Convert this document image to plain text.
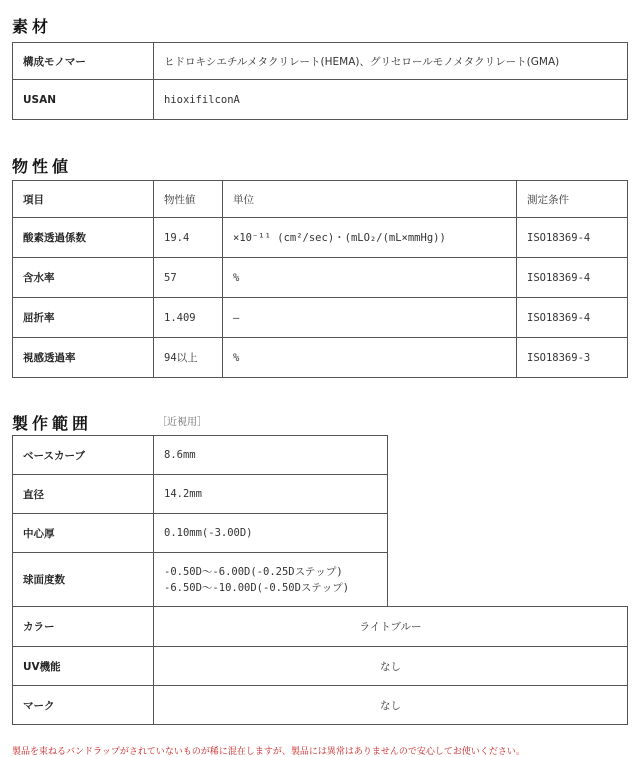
素材
構成モノマー	ヒドロキシエチルメタクリレート(HEMA)、グリセロールモノメタクリレート(GMA)
USAN	hioxifilconA
物性値
項目	物性値	単位	測定条件
酸素透過係数	19.4	×10⁻¹¹ (cm²/sec)・(mLO₂/(mL×mmHg))	ISO18369-4
含水率	57	%	ISO18369-4
屈折率	1.409	—	ISO18369-4
視感透過率	94以上	%	ISO18369-3
製作範囲	［近視用］
ベースカーブ	8.6mm	
直径	14.2mm	
中心厚	0.10mm(-3.00D)	
球面度数	-0.50D～-6.00D(-0.25Dステップ)
-6.50D～-10.00D(-0.50Dステップ)	

カラー	ライトブルー	
UV機能	なし	
マーク	なし	
製品を束ねるバンドラップがされていないものが稀に混在しますが、製品には異常はありませんので安心してお使いください。
